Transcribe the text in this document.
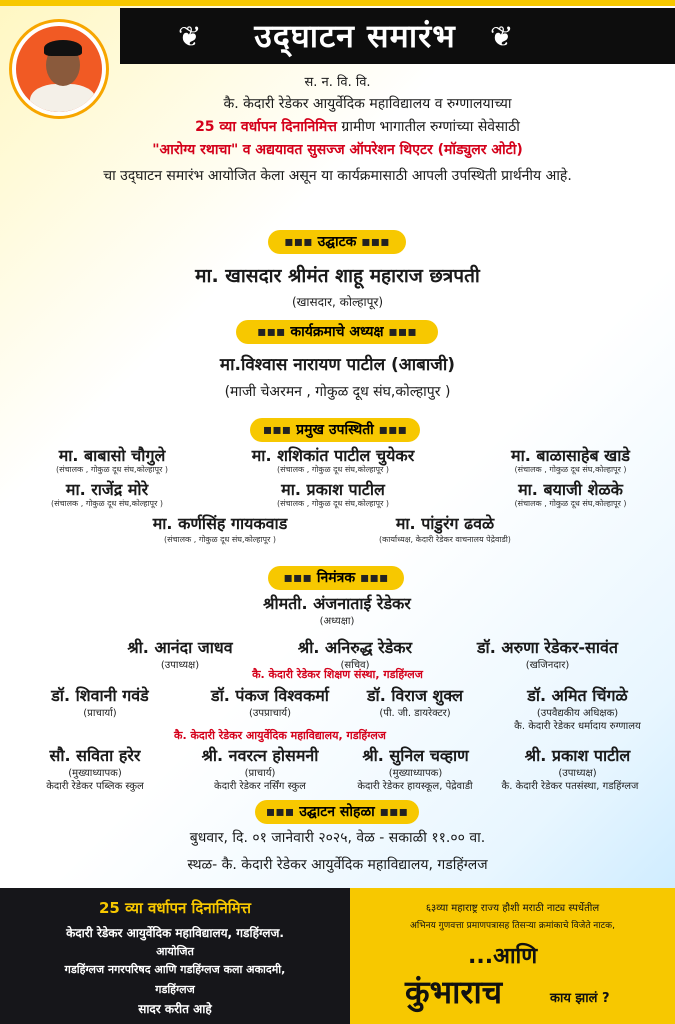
❦	उद्‌घाटन समारंभ	❦
स. न. वि. वि.
कै. केदारी रेडेकर आयुर्वेदिक महाविद्यालय व रुग्णालयाच्या
25 व्या वर्धापन दिनानिमित्त ग्रामीण भागातील रुग्णांच्या सेवेसाठी
"आरोग्य रथाचा" व अद्ययावत सुसज्ज ऑपरेशन थिएटर (मॉड्युलर ओटी)
चा उद्‌घाटन समारंभ आयोजित केला असून या कार्यक्रमासाठी आपली उपस्थिती प्रार्थनीय आहे.
▪▪▪ उद्घाटक ▪▪▪
मा. खासदार श्रीमंत शाहू महाराज छत्रपती
(खासदार, कोल्हापूर)
▪▪▪ कार्यक्रमाचे अध्यक्ष ▪▪▪
मा.विश्वास नारायण पाटील (आबाजी)
(माजी चेअरमन , गोकुळ दूध संघ,कोल्हापुर )
▪▪▪ प्रमुख उपस्थिती ▪▪▪
मा. बाबासो चौगुले
(संचालक , गोकुळ दूध संघ,कोल्हापूर )
मा. शशिकांत पाटील चुयेकर
(संचालक , गोकुळ दूध संघ,कोल्हापूर )
मा. बाळासाहेब खाडे
(संचालक , गोकुळ दूध संघ,कोल्हापूर )
मा. राजेंद्र मोरे
(संचालक , गोकुळ दूध संघ,कोल्हापूर )
मा. प्रकाश पाटील
(संचालक , गोकुळ दूध संघ,कोल्हापूर )
मा. बयाजी शेळके
(संचालक , गोकुळ दूध संघ,कोल्हापूर )
मा. कर्णसिंह गायकवाड
(संचालक , गोकुळ दूध संघ,कोल्हापूर )
मा. पांडुरंग ढवळे
(कार्याध्यक्ष, केदारी रेडेकर वाचनालय पेद्रेवाडी)
▪▪▪ निमंत्रक ▪▪▪
श्रीमती. अंजनाताई रेडेकर
(अध्यक्षा)
श्री. आनंदा जाधव
(उपाध्यक्ष)
श्री. अनिरुद्ध रेडेकर
(सचिव)
डॉ. अरुणा रेडेकर-सावंत
(खजिनदार)
कै. केदारी रेडेकर शिक्षण संस्था, गडहिंग्लज
डॉ. शिवानी गवंडे
(प्राचार्या)
डॉ. पंकज विश्वकर्मा
(उपप्राचार्य)
डॉ. विराज शुक्ल
(पी. जी. डायरेक्टर)
डॉ. अमित चिंगळे
(उपवैद्यकीय अधिक्षक)
कै. केदारी रेडेकर धर्मादाय रुग्णालय
कै. केदारी रेडेकर आयुर्वेदिक महाविद्यालय, गडहिंग्लज
सौ. सविता हरेर
(मुख्याध्यापक)
केदारी रेडेकर पब्लिक स्कुल
श्री. नवरत्न होसमनी
(प्राचार्य)
केदारी रेडेकर नर्सिंग स्कुल
श्री. सुनिल चव्हाण
(मुख्याध्यापक)
केदारी रेडेकर हायस्कूल, पेद्रेवाडी
श्री. प्रकाश पाटील
(उपाध्यक्ष)
कै. केदारी रेडेकर पतसंस्था, गडहिंग्लज
▪▪▪ उद्घाटन सोहळा ▪▪▪
बुधवार, दि. ०१ जानेवारी २०२५, वेळ - सकाळी ११.०० वा.
स्थळ- कै. केदारी रेडेकर आयुर्वेदिक महाविद्यालय, गडहिंग्लज
25 व्या वर्धापन दिनानिमित्त
केदारी रेडेकर आयुर्वेदिक महाविद्यालय, गडहिंग्लज.
आयोजित
गडहिंग्लज नगरपरिषद आणि गडहिंग्लज कला अकादमी,
गडहिंग्लज
सादर करीत आहे
६३व्या महाराष्ट्र राज्य हौशी मराठी नाट्य स्पर्धेतील
अभिनय गुणवत्ता प्रमाणपत्रासह तिसऱ्या क्रमांकाचे विजेते नाटक,
...आणि
कुंभाराच	काय झालं ?
